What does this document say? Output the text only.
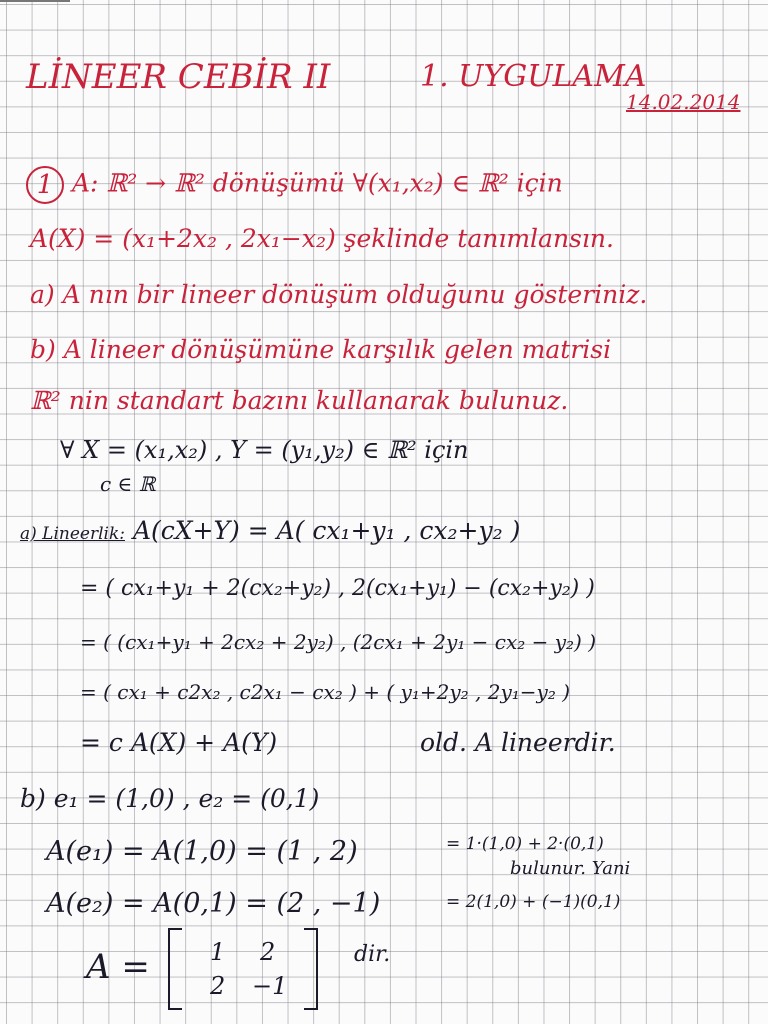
LİNEER CEBİR II	1. UYGULAMA
14.02.2014
1 A: ℝ² → ℝ² dönüşümü ∀(x₁,x₂) ∈ ℝ² için
A(X) = (x₁+2x₂ , 2x₁−x₂) şeklinde tanımlansın.
a) A nın bir lineer dönüşüm olduğunu gösteriniz.
b) A lineer dönüşümüne karşılık gelen matrisi
ℝ² nin standart bazını kullanarak bulunuz.
∀ X = (x₁,x₂) , Y = (y₁,y₂) ∈ ℝ² için
c ∈ ℝ
a) Lineerlik: A(cX+Y) = A( cx₁+y₁ , cx₂+y₂ )
= ( cx₁+y₁ + 2(cx₂+y₂) , 2(cx₁+y₁) − (cx₂+y₂) )
= ( (cx₁+y₁ + 2cx₂ + 2y₂) , (2cx₁ + 2y₁ − cx₂ − y₂) )
= ( cx₁ + c2x₂ , c2x₁ − cx₂ ) + ( y₁+2y₂ , 2y₁−y₂ )
= c A(X) + A(Y)	old. A lineerdir.
b) e₁ = (1,0) , e₂ = (0,1)
A(e₁) = A(1,0) = (1 , 2)	= 1·(1,0) + 2·(0,1)
bulunur. Yani
A(e₂) = A(0,1) = (2 , −1)	= 2(1,0) + (−1)(0,1)
A =	1 2
2 −1
dir.
